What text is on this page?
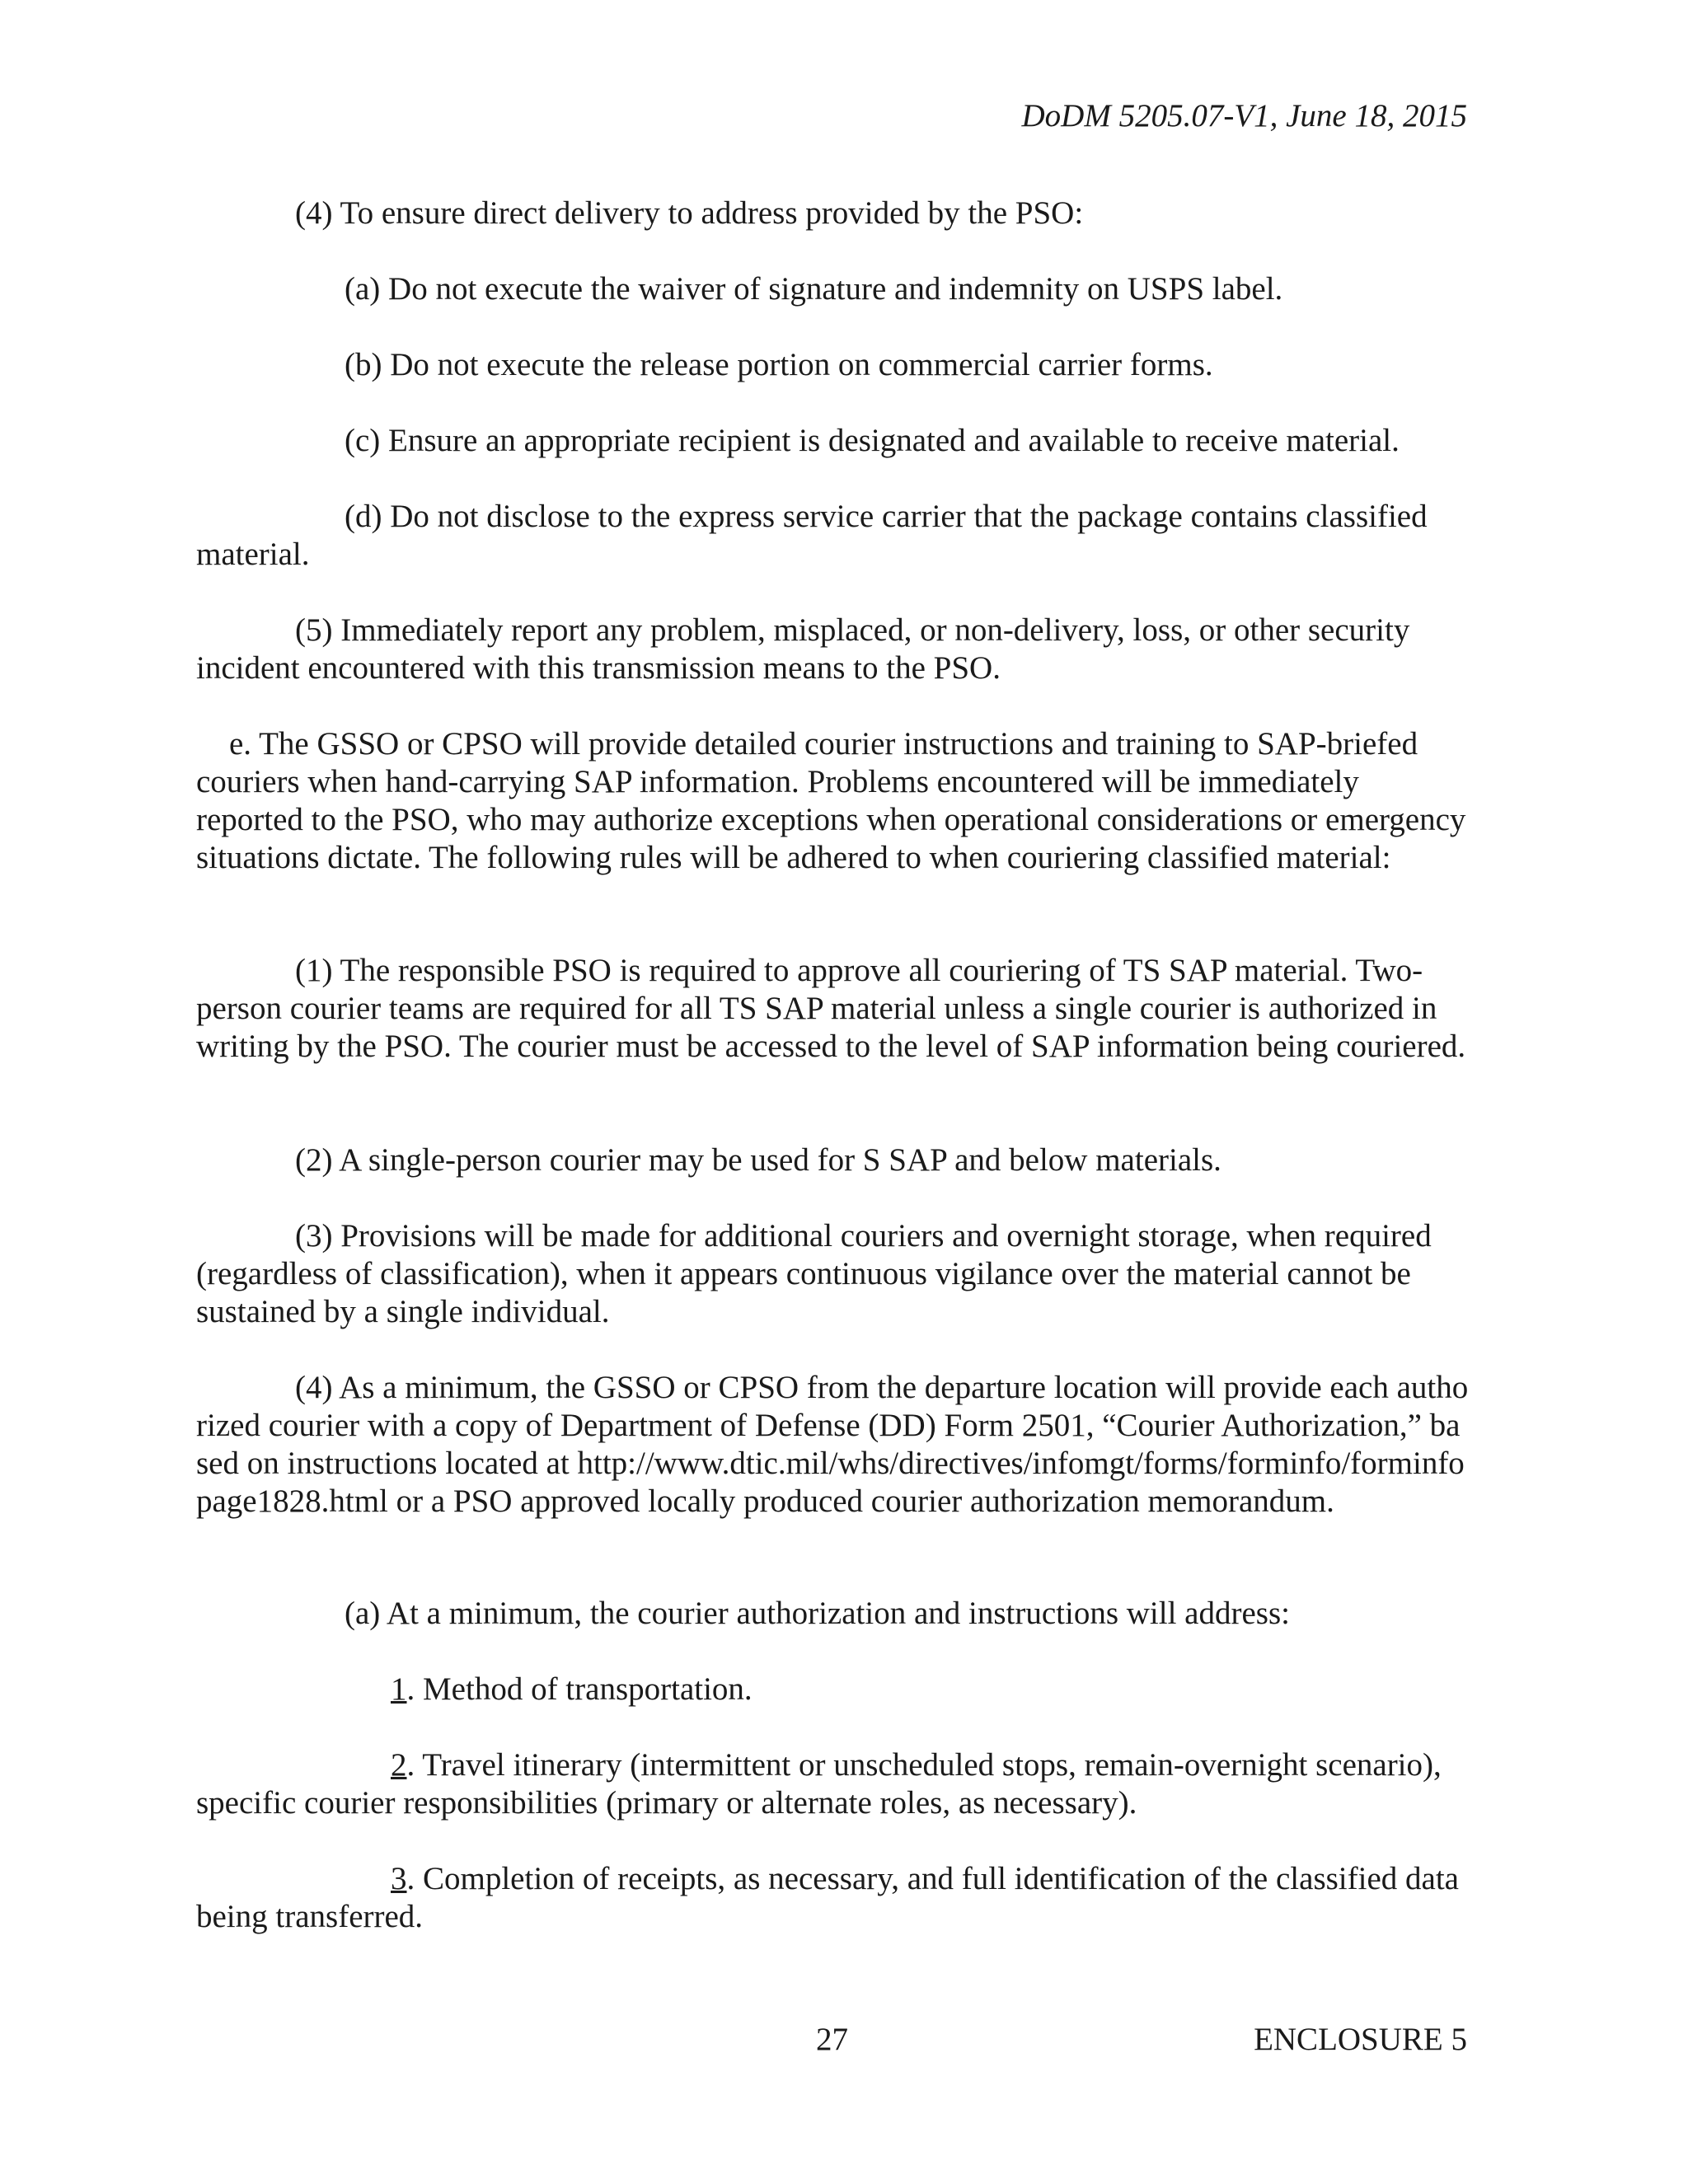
DoDM 5205.07-V1, June 18, 2015

(4) To ensure direct delivery to address provided by the PSO:

(a) Do not execute the waiver of signature and indemnity on USPS label.

(b) Do not execute the release portion on commercial carrier forms.

(c) Ensure an appropriate recipient is designated and available to receive material.

(d) Do not disclose to the express service carrier that the package contains classified material.

(5) Immediately report any problem, misplaced, or non-delivery, loss, or other security incident encountered with this transmission means to the PSO.

e. The GSSO or CPSO will provide detailed courier instructions and training to SAP-briefed couriers when hand-carrying SAP information. Problems encountered will be immediately reported to the PSO, who may authorize exceptions when operational considerations or emergency situations dictate. The following rules will be adhered to when couriering classified material:

(1) The responsible PSO is required to approve all couriering of TS SAP material. Two-person courier teams are required for all TS SAP material unless a single courier is authorized in writing by the PSO. The courier must be accessed to the level of SAP information being couriered.

(2) A single-person courier may be used for S SAP and below materials.

(3) Provisions will be made for additional couriers and overnight storage, when required (regardless of classification), when it appears continuous vigilance over the material cannot be sustained by a single individual.

(4) As a minimum, the GSSO or CPSO from the departure location will provide each authorized courier with a copy of Department of Defense (DD) Form 2501, “Courier Authorization,” based on instructions located at http://www.dtic.mil/whs/directives/infomgt/forms/forminfo/forminfopage1828.html or a PSO approved locally produced courier authorization memorandum.

(a) At a minimum, the courier authorization and instructions will address:

1. Method of transportation.

2. Travel itinerary (intermittent or unscheduled stops, remain-overnight scenario), specific courier responsibilities (primary or alternate roles, as necessary).

3. Completion of receipts, as necessary, and full identification of the classified data being transferred.

27	ENCLOSURE 5
